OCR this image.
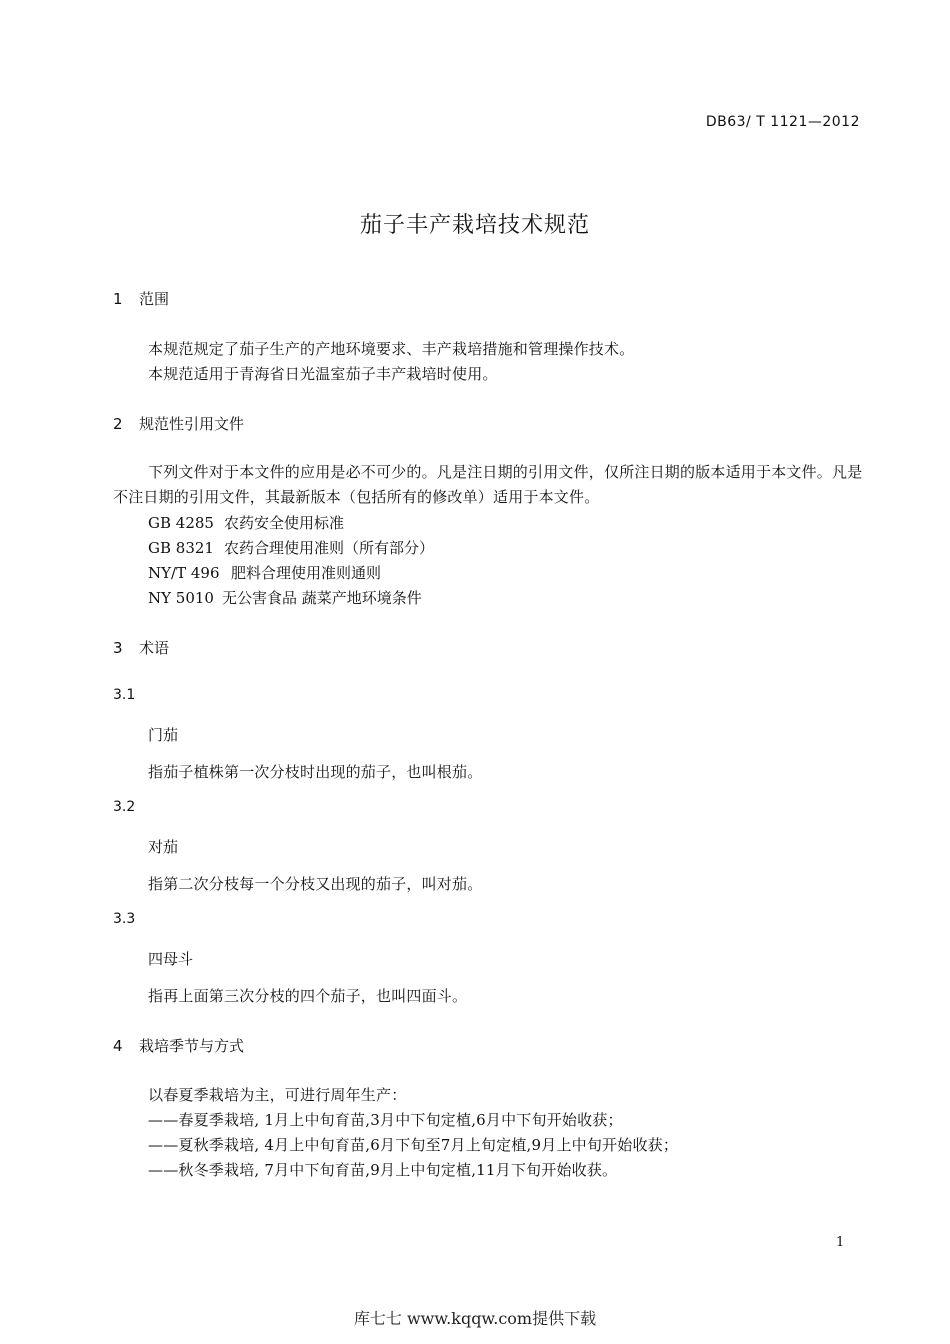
DB63/ T 1121—2012
茄子丰产栽培技术规范
1 范围
本规范规定了茄子生产的产地环境要求、丰产栽培措施和管理操作技术。
本规范适用于青海省日光温室茄子丰产栽培时使用。
2 规范性引用文件
下列文件对于本文件的应用是必不可少的。凡是注日期的引用文件，仅所注日期的版本适用于本文件。凡是不注日期的引用文件，其最新版本（包括所有的修改单）适用于本文件。
GB 4285 农药安全使用标准
GB 8321 农药合理使用准则（所有部分）
NY/T 496 肥料合理使用准则通则
NY 5010 无公害食品 蔬菜产地环境条件
3 术语
3.1
门茄
指茄子植株第一次分枝时出现的茄子，也叫根茄。
3.2
对茄
指第二次分枝每一个分枝又出现的茄子，叫对茄。
3.3
四母斗
指再上面第三次分枝的四个茄子，也叫四面斗。
4 栽培季节与方式
以春夏季栽培为主，可进行周年生产：
——春夏季栽培, 1月上中旬育苗,3月中下旬定植,6月中下旬开始收获；
——夏秋季栽培, 4月上中旬育苗,6月下旬至7月上旬定植,9月上中旬开始收获；
——秋冬季栽培, 7月中下旬育苗,9月上中旬定植,11月下旬开始收获。
1
库七七 www.kqqw.com提供下载
